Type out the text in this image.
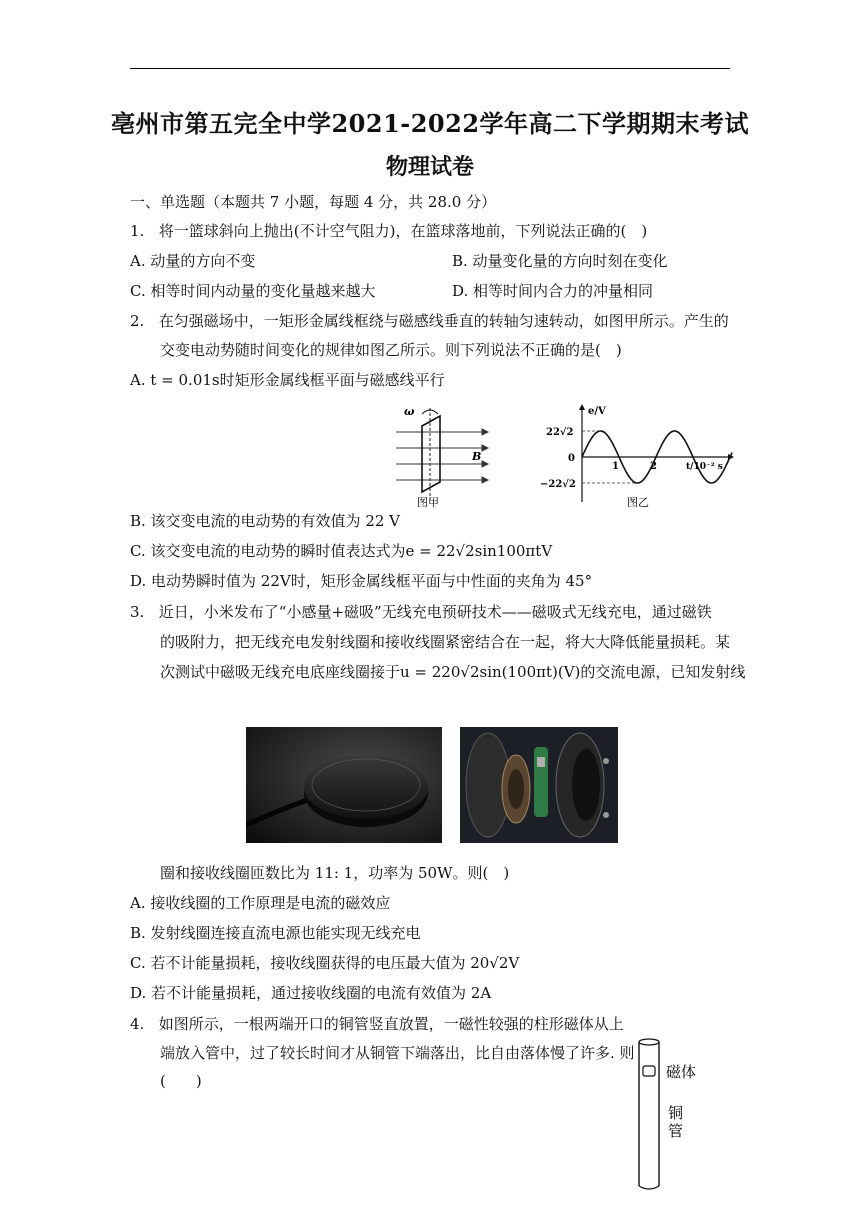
亳州市第五完全中学2021-2022学年高二下学期期末考试
物理试卷
一、单选题（本题共 7 小题，每题 4 分，共 28.0 分）
1. 将一篮球斜向上抛出(不计空气阻力)，在篮球落地前，下列说法正确的(　)
A. 动量的方向不变	B. 动量变化量的方向时刻在变化
C. 相等时间内动量的变化量越来越大	D. 相等时间内合力的冲量相同
2. 在匀强磁场中，一矩形金属线框绕与磁感线垂直的转轴匀速转动，如图甲所示。产生的
交变电动势随时间变化的规律如图乙所示。则下列说法不正确的是(　)
A. t = 0.01s时矩形金属线框平面与磁感线平行
ω
B
图甲
e/V
22√2
0
−22√2
1	2	t/10⁻² s
图乙
B. 该交变电流的电动势的有效值为 22 V
C. 该交变电流的电动势的瞬时值表达式为e = 22√2sin100πtV
D. 电动势瞬时值为 22V时，矩形金属线框平面与中性面的夹角为 45°
3. 近日，小米发布了“小感量+磁吸”无线充电预研技术——磁吸式无线充电，通过磁铁
的吸附力，把无线充电发射线圈和接收线圈紧密结合在一起，将大大降低能量损耗。某
次测试中磁吸无线充电底座线圈接于u = 220√2sin(100πt)(V)的交流电源，已知发射线
圈和接收线圈匝数比为 11: 1，功率为 50W。则(　)
A. 接收线圈的工作原理是电流的磁效应
B. 发射线圈连接直流电源也能实现无线充电
C. 若不计能量损耗，接收线圈获得的电压最大值为 20√2V
D. 若不计能量损耗，通过接收线圈的电流有效值为 2A
4. 如图所示，一根两端开口的铜管竖直放置，一磁性较强的柱形磁体从上
端放入管中，过了较长时间才从铜管下端落出，比自由落体慢了许多. 则
(　　)	磁体
铜
管
